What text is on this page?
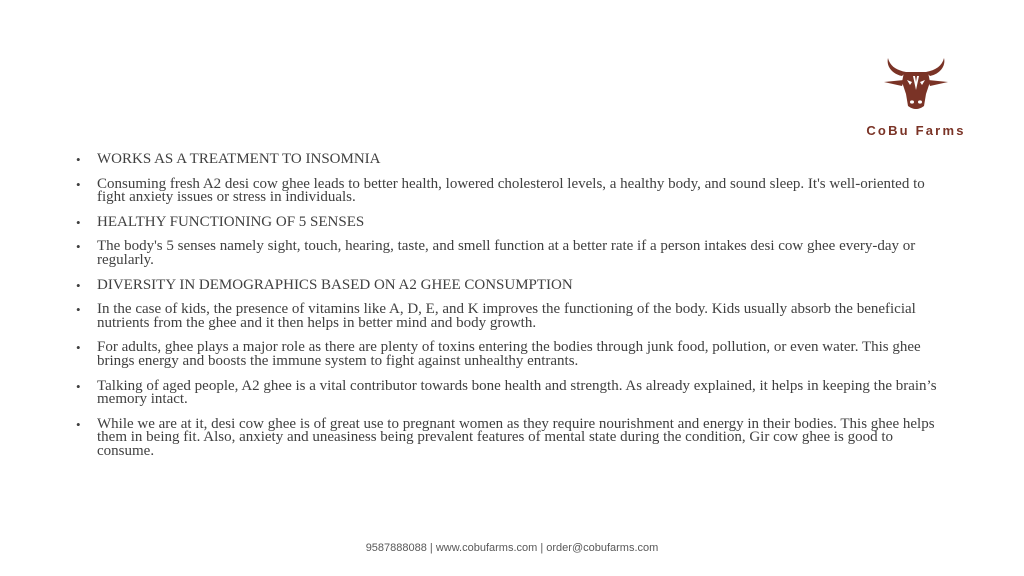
CoBu Farms
• WORKS AS A TREATMENT TO INSOMNIA
• Consuming fresh A2 desi cow ghee leads to better health, lowered cholesterol levels, a healthy body, and sound sleep. It's well-oriented to fight anxiety issues or stress in individuals.
• HEALTHY FUNCTIONING OF 5 SENSES
• The body's 5 senses namely sight, touch, hearing, taste, and smell function at a better rate if a person intakes desi cow ghee every-day or regularly.
• DIVERSITY IN DEMOGRAPHICS BASED ON A2 GHEE CONSUMPTION
• In the case of kids, the presence of vitamins like A, D, E, and K improves the functioning of the body. Kids usually absorb the beneficial nutrients from the ghee and it then helps in better mind and body growth.
• For adults, ghee plays a major role as there are plenty of toxins entering the bodies through junk food, pollution, or even water. This ghee brings energy and boosts the immune system to fight against unhealthy entrants.
• Talking of aged people, A2 ghee is a vital contributor towards bone health and strength. As already explained, it helps in keeping the brain’s memory intact.
• While we are at it, desi cow ghee is of great use to pregnant women as they require nourishment and energy in their bodies. This ghee helps them in being fit. Also, anxiety and uneasiness being prevalent features of mental state during the condition, Gir cow ghee is good to consume.
9587888088 | www.cobufarms.com | order@cobufarms.com
